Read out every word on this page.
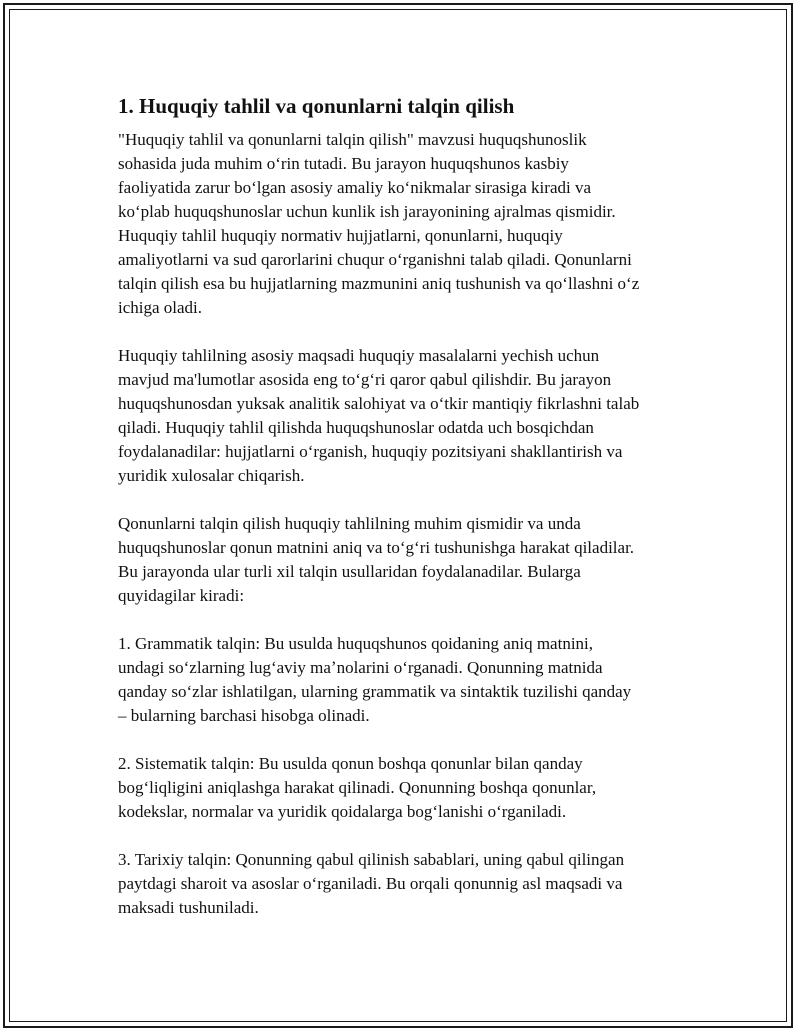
1. Huquqiy tahlil va qonunlarni talqin qilish

"Huquqiy tahlil va qonunlarni talqin qilish" mavzusi huquqshunoslik
sohasida juda muhim oʻrin tutadi. Bu jarayon huquqshunos kasbiy
faoliyatida zarur boʻlgan asosiy amaliy koʻnikmalar sirasiga kiradi va
koʻplab huquqshunoslar uchun kunlik ish jarayonining ajralmas qismidir.
Huquqiy tahlil huquqiy normativ hujjatlarni, qonunlarni, huquqiy
amaliyotlarni va sud qarorlarini chuqur oʻrganishni talab qiladi. Qonunlarni
talqin qilish esa bu hujjatlarning mazmunini aniq tushunish va qoʻllashni oʻz
ichiga oladi.

Huquqiy tahlilning asosiy maqsadi huquqiy masalalarni yechish uchun
mavjud ma'lumotlar asosida eng toʻgʻri qaror qabul qilishdir. Bu jarayon
huquqshunosdan yuksak analitik salohiyat va oʻtkir mantiqiy fikrlashni talab
qiladi. Huquqiy tahlil qilishda huquqshunoslar odatda uch bosqichdan
foydalanadilar: hujjatlarni oʻrganish, huquqiy pozitsiyani shakllantirish va
yuridik xulosalar chiqarish.

Qonunlarni talqin qilish huquqiy tahlilning muhim qismidir va unda
huquqshunoslar qonun matnini aniq va toʻgʻri tushunishga harakat qiladilar.
Bu jarayonda ular turli xil talqin usullaridan foydalanadilar. Bularga
quyidagilar kiradi:

1. Grammatik talqin: Bu usulda huquqshunos qoidaning aniq matnini,
undagi soʻzlarning lugʻaviy maʼnolarini oʻrganadi. Qonunning matnida
qanday soʻzlar ishlatilgan, ularning grammatik va sintaktik tuzilishi qanday
– bularning barchasi hisobga olinadi.

2. Sistematik talqin: Bu usulda qonun boshqa qonunlar bilan qanday
bogʻliqligini aniqlashga harakat qilinadi. Qonunning boshqa qonunlar,
kodekslar, normalar va yuridik qoidalarga bogʻlanishi oʻrganiladi.

3. Tarixiy talqin: Qonunning qabul qilinish sabablari, uning qabul qilingan
paytdagi sharoit va asoslar oʻrganiladi. Bu orqali qonunnig asl maqsadi va
maksadi tushuniladi.
